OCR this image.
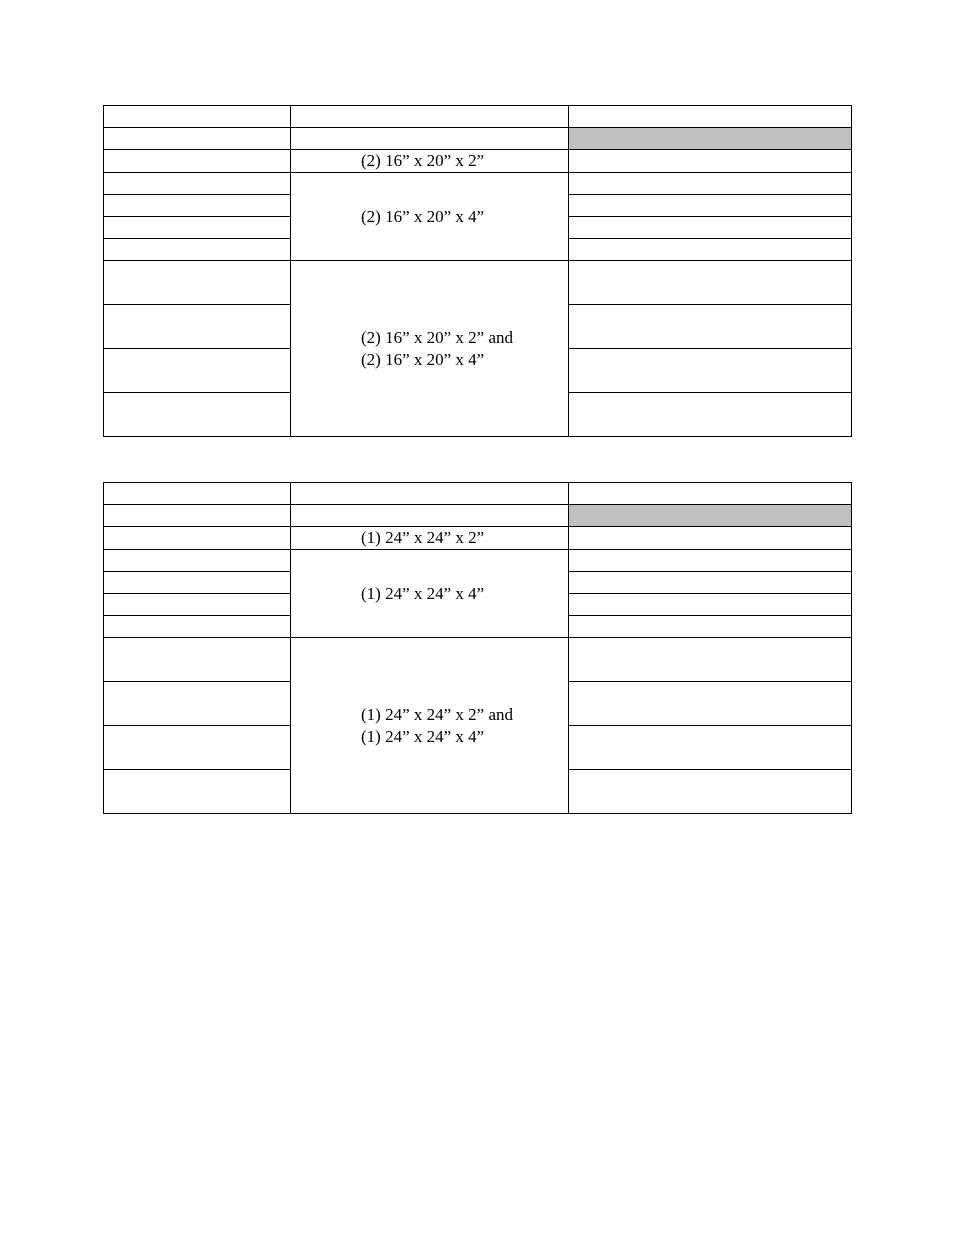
	(2) 16” x 20” x 2”	

	(2) 16” x 20” x 4”	

	(2) 16” x 20” x 2” and
(2) 16” x 20” x 4”	

	(1) 24” x 24” x 2”	

	(1) 24” x 24” x 4”	

	(1) 24” x 24” x 2” and
(1) 24” x 24” x 4”	
